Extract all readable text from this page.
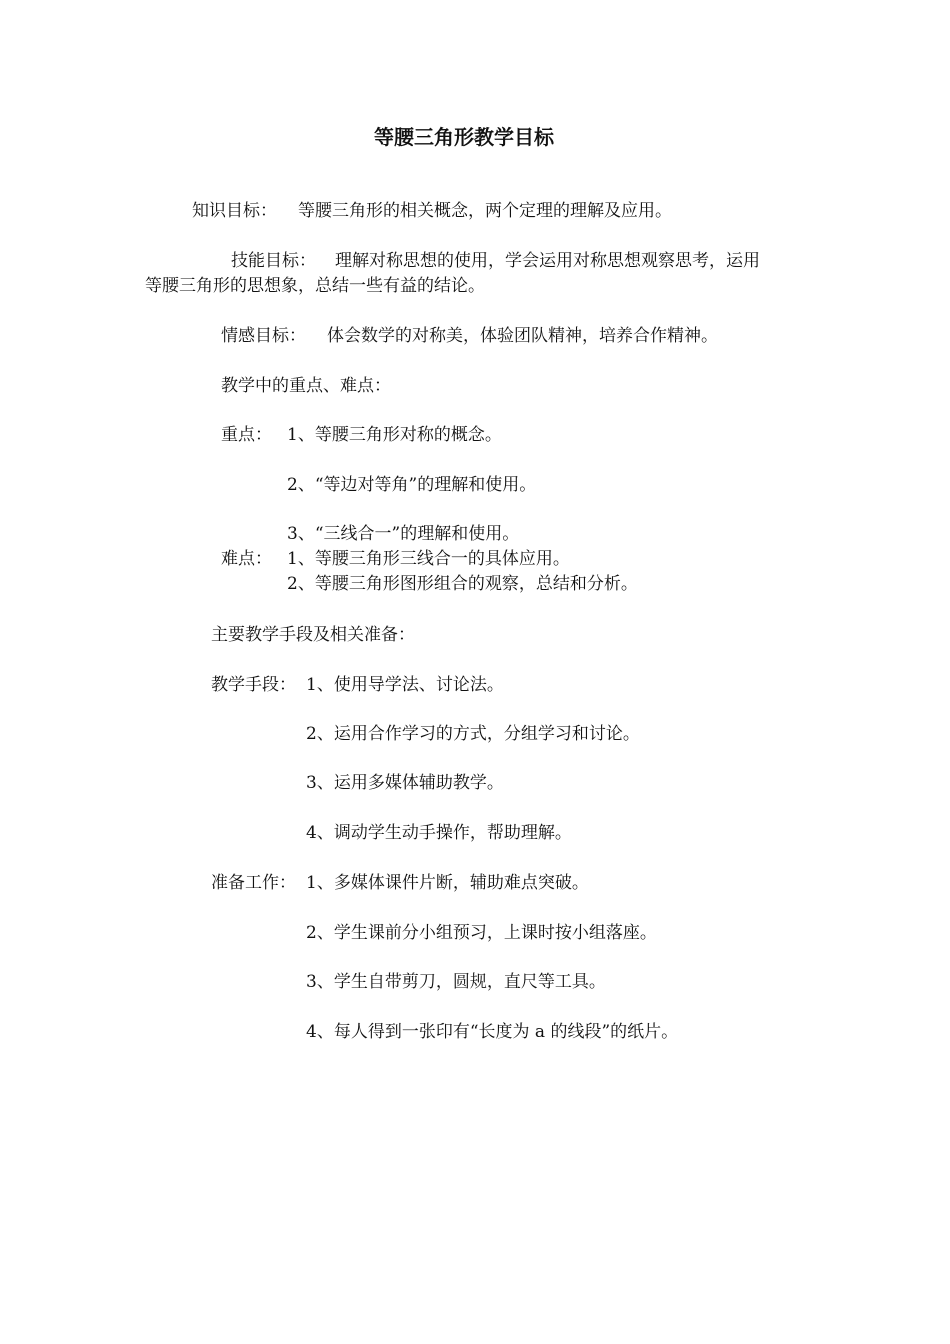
等腰三角形教学目标
知识目标： 等腰三角形的相关概念，两个定理的理解及应用。
技能目标： 理解对称思想的使用，学会运用对称思想观察思考，运用
等腰三角形的思想象，总结一些有益的结论。
情感目标： 体会数学的对称美，体验团队精神，培养合作精神。
教学中的重点、难点：
重点： 1、等腰三角形对称的概念。
2、“等边对等角”的理解和使用。
3、“三线合一”的理解和使用。
难点： 1、等腰三角形三线合一的具体应用。
2、等腰三角形图形组合的观察，总结和分析。
主要教学手段及相关准备：
教学手段： 1、使用导学法、讨论法。
2、运用合作学习的方式，分组学习和讨论。
3、运用多媒体辅助教学。
4、调动学生动手操作，帮助理解。
准备工作： 1、多媒体课件片断，辅助难点突破。
2、学生课前分小组预习，上课时按小组落座。
3、学生自带剪刀，圆规，直尺等工具。
4、每人得到一张印有“长度为 a 的线段”的纸片。
